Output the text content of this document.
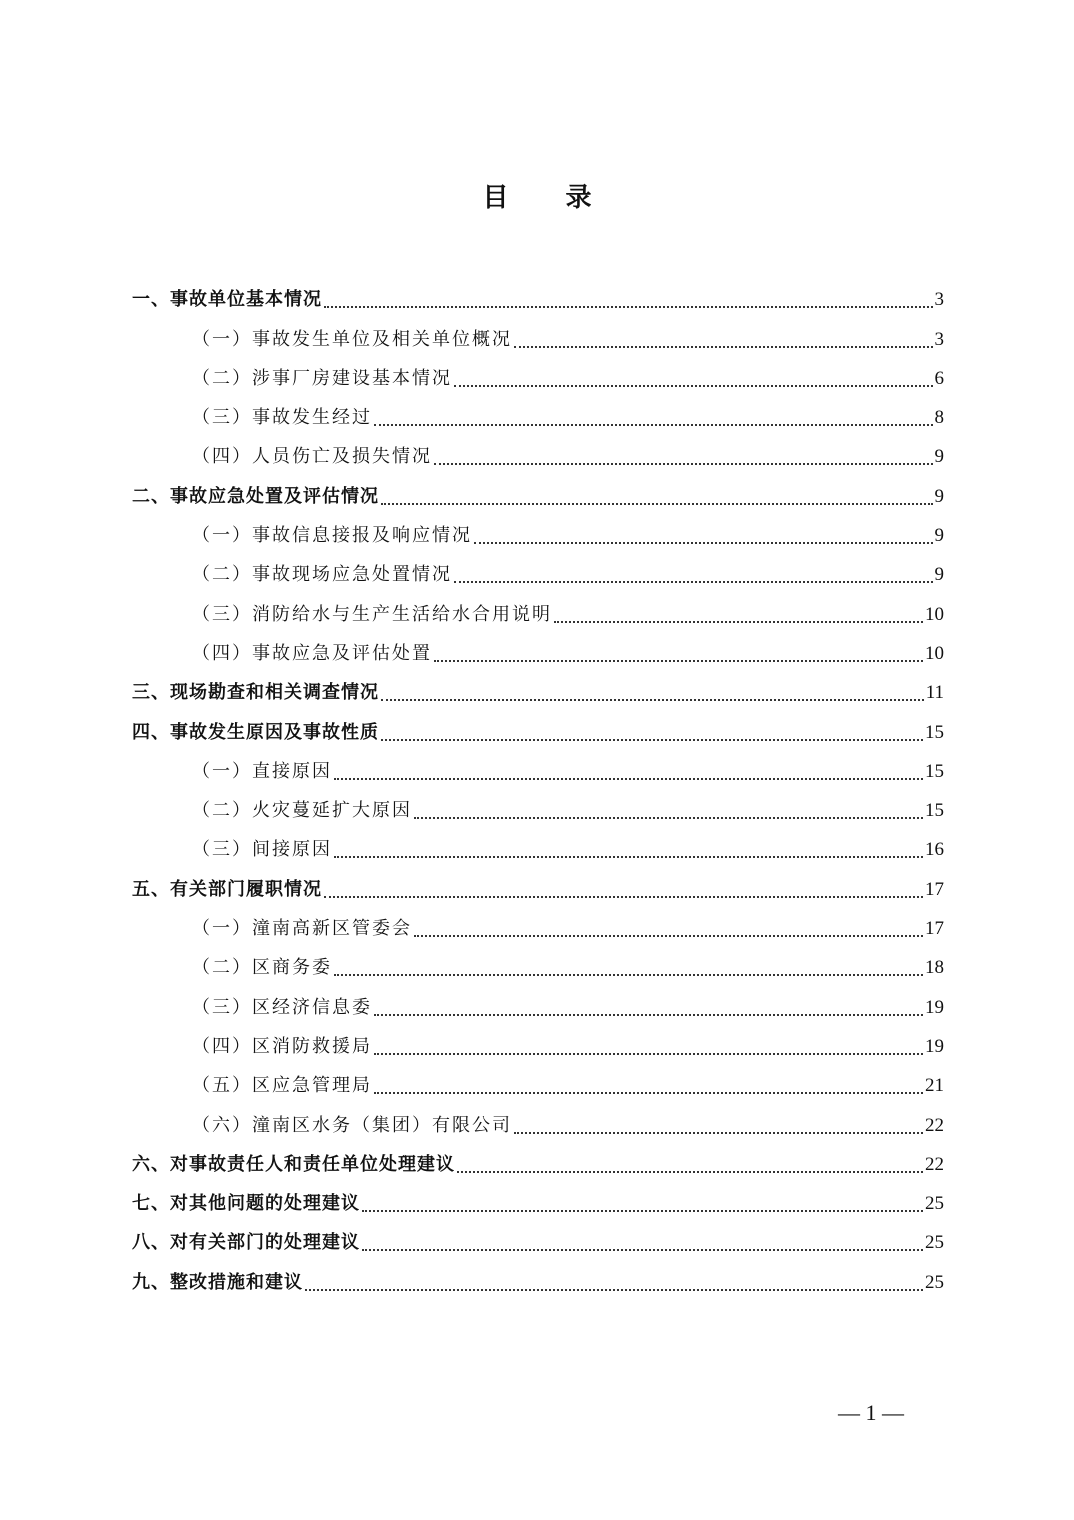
目 录
一、事故单位基本情况	3
（一）事故发生单位及相关单位概况	3
（二）涉事厂房建设基本情况	6
（三）事故发生经过	8
（四）人员伤亡及损失情况	9
二、事故应急处置及评估情况	9
（一）事故信息接报及响应情况	9
（二）事故现场应急处置情况	9
（三）消防给水与生产生活给水合用说明	10
（四）事故应急及评估处置	10
三、现场勘查和相关调查情况	11
四、事故发生原因及事故性质	15
（一）直接原因	15
（二）火灾蔓延扩大原因	15
（三）间接原因	16
五、有关部门履职情况	17
（一）潼南高新区管委会	17
（二）区商务委	18
（三）区经济信息委	19
（四）区消防救援局	19
（五）区应急管理局	21
（六）潼南区水务（集团）有限公司	22
六、对事故责任人和责任单位处理建议	22
七、对其他问题的处理建议	25
八、对有关部门的处理建议	25
九、整改措施和建议	25
— 1 —
